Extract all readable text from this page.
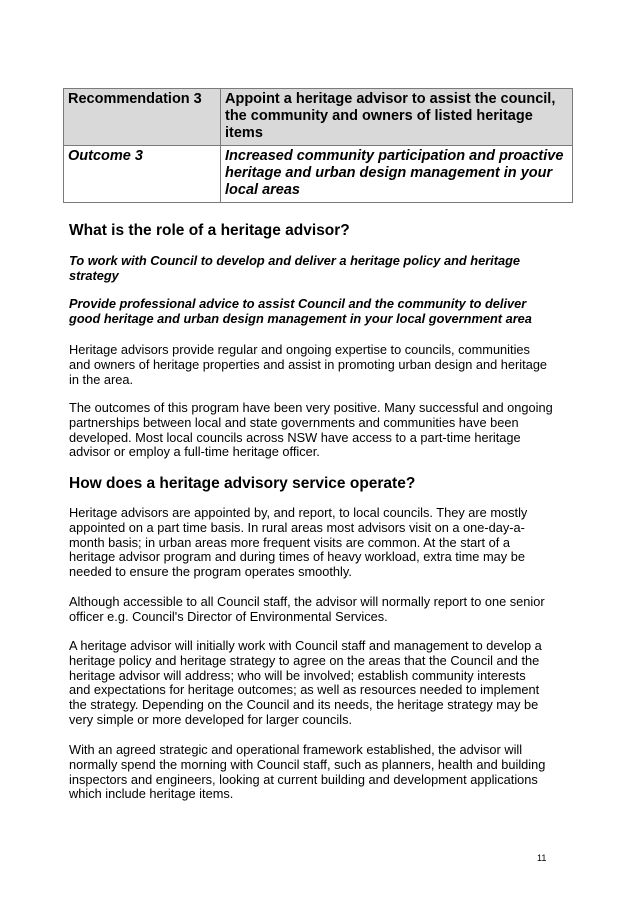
Recommendation 3	Appoint a heritage advisor to assist the council, the community and owners of listed heritage items
Outcome 3	Increased community participation and proactive heritage and urban design management in your local areas
What is the role of a heritage advisor?

To work with Council to develop and deliver a heritage policy and heritage strategy

Provide professional advice to assist Council and the community to deliver good heritage and urban design management in your local government area

Heritage advisors provide regular and ongoing expertise to councils, communities and owners of heritage properties and assist in promoting urban design and heritage in the area.

The outcomes of this program have been very positive. Many successful and ongoing partnerships between local and state governments and communities have been developed. Most local councils across NSW have access to a part-time heritage advisor or employ a full-time heritage officer.

How does a heritage advisory service operate?

Heritage advisors are appointed by, and report, to local councils. They are mostly appointed on a part time basis. In rural areas most advisors visit on a one-day-a-month basis; in urban areas more frequent visits are common. At the start of a heritage advisor program and during times of heavy workload, extra time may be needed to ensure the program operates smoothly.

Although accessible to all Council staff, the advisor will normally report to one senior officer e.g. Council's Director of Environmental Services.

A heritage advisor will initially work with Council staff and management to develop a heritage policy and heritage strategy to agree on the areas that the Council and the heritage advisor will address; who will be involved; establish community interests and expectations for heritage outcomes; as well as resources needed to implement the strategy. Depending on the Council and its needs, the heritage strategy may be very simple or more developed for larger councils.

With an agreed strategic and operational framework established, the advisor will normally spend the morning with Council staff, such as planners, health and building inspectors and engineers, looking at current building and development applications which include heritage items.

11
